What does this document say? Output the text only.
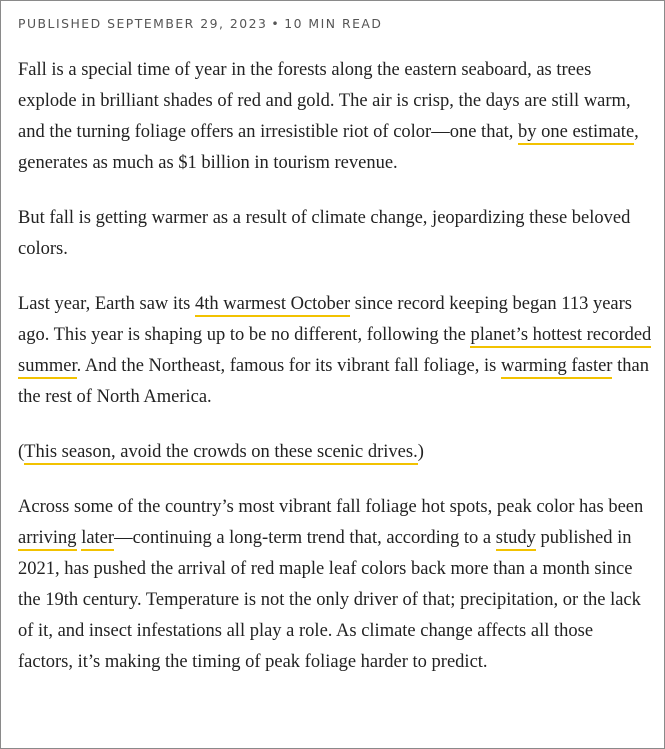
PUBLISHED SEPTEMBER 29, 2023 • 10 MIN READ

Fall is a special time of year in the forests along the eastern seaboard, as trees explode in brilliant shades of red and gold. The air is crisp, the days are still warm, and the turning foliage offers an irresistible riot of color—one that, by one estimate, generates as much as $1 billion in tourism revenue.

But fall is getting warmer as a result of climate change, jeopardizing these beloved colors.

Last year, Earth saw its 4th warmest October since record keeping began 113 years ago. This year is shaping up to be no different, following the planet’s hottest recorded summer. And the Northeast, famous for its vibrant fall foliage, is warming faster than the rest of North America.

(This season, avoid the crowds on these scenic drives.)

Across some of the country’s most vibrant fall foliage hot spots, peak color has been arriving later—continuing a long-term trend that, according to a study published in 2021, has pushed the arrival of red maple leaf colors back more than a month since the 19th century. Temperature is not the only driver of that; precipitation, or the lack of it, and insect infestations all play a role. As climate change affects all those factors, it’s making the timing of peak foliage harder to predict.
